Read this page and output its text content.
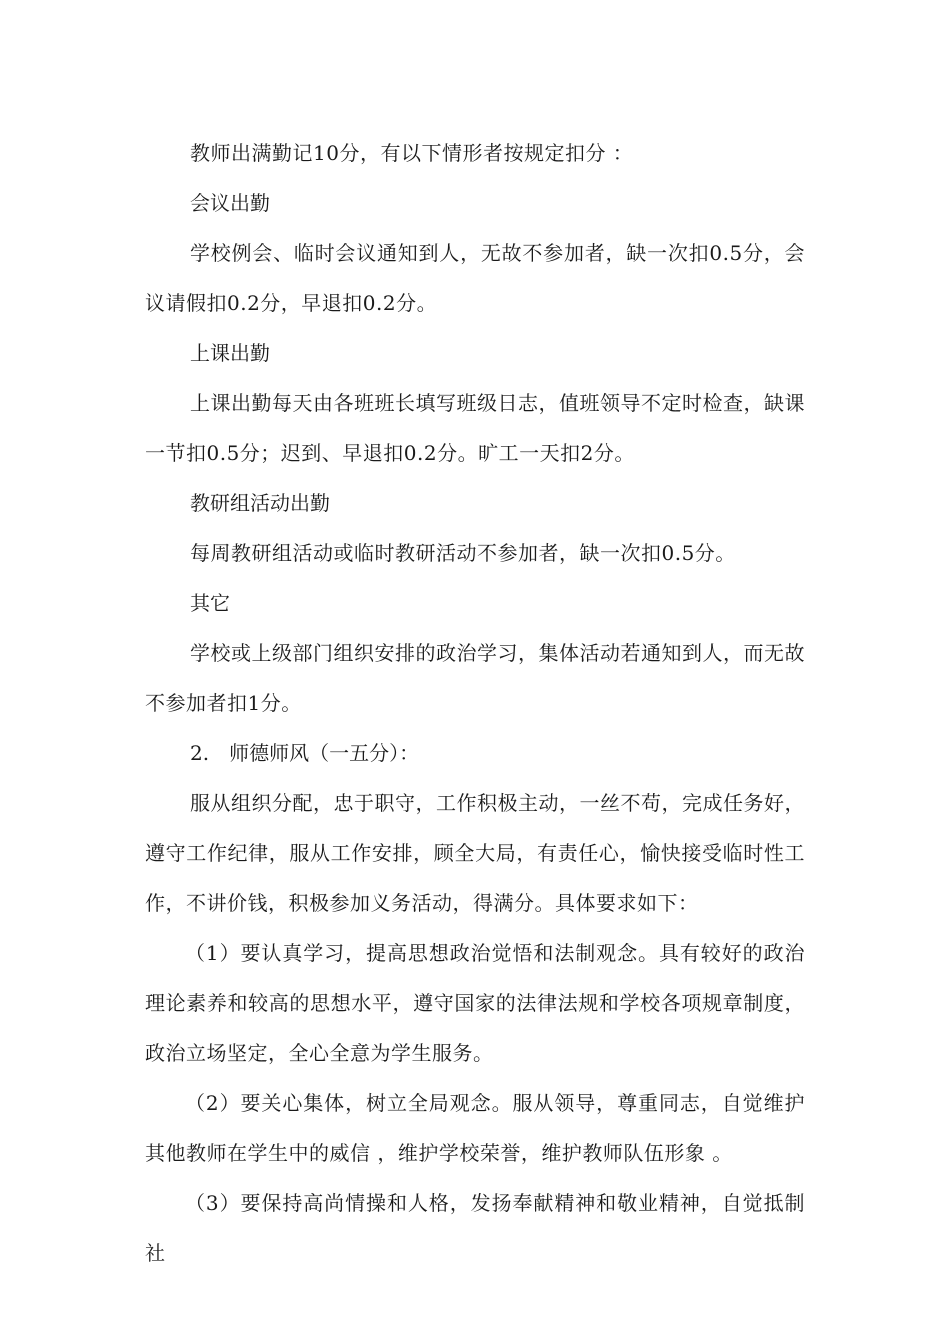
教师出满勤记10分，有以下情形者按规定扣分 ：

会议出勤

学校例会、临时会议通知到人，无故不参加者，缺一次扣0.5分，会议请假扣0.2分，早退扣0.2分。

上课出勤

上课出勤每天由各班班长填写班级日志，值班领导不定时检查，缺课一节扣0.5分；迟到、早退扣0.2分。旷工一天扣2分。

教研组活动出勤

每周教研组活动或临时教研活动不参加者，缺一次扣0.5分。

其它

学校或上级部门组织安排的政治学习，集体活动若通知到人，而无故不参加者扣1分。

2.　师德师风（一五分）：

服从组织分配，忠于职守，工作积极主动，一丝不苟，完成任务好，遵守工作纪律，服从工作安排，顾全大局，有责任心，愉快接受临时性工作，不讲价钱，积极参加义务活动，得满分。具体要求如下：

（1）要认真学习，提高思想政治觉悟和法制观念。具有较好的政治理论素养和较高的思想水平，遵守国家的法律法规和学校各项规章制度，政治立场坚定，全心全意为学生服务。

（2）要关心集体，树立全局观念。服从领导，尊重同志，自觉维护其他教师在学生中的威信 ，维护学校荣誉，维护教师队伍形象 。

（3）要保持高尚情操和人格，发扬奉献精神和敬业精神，自觉抵制社
